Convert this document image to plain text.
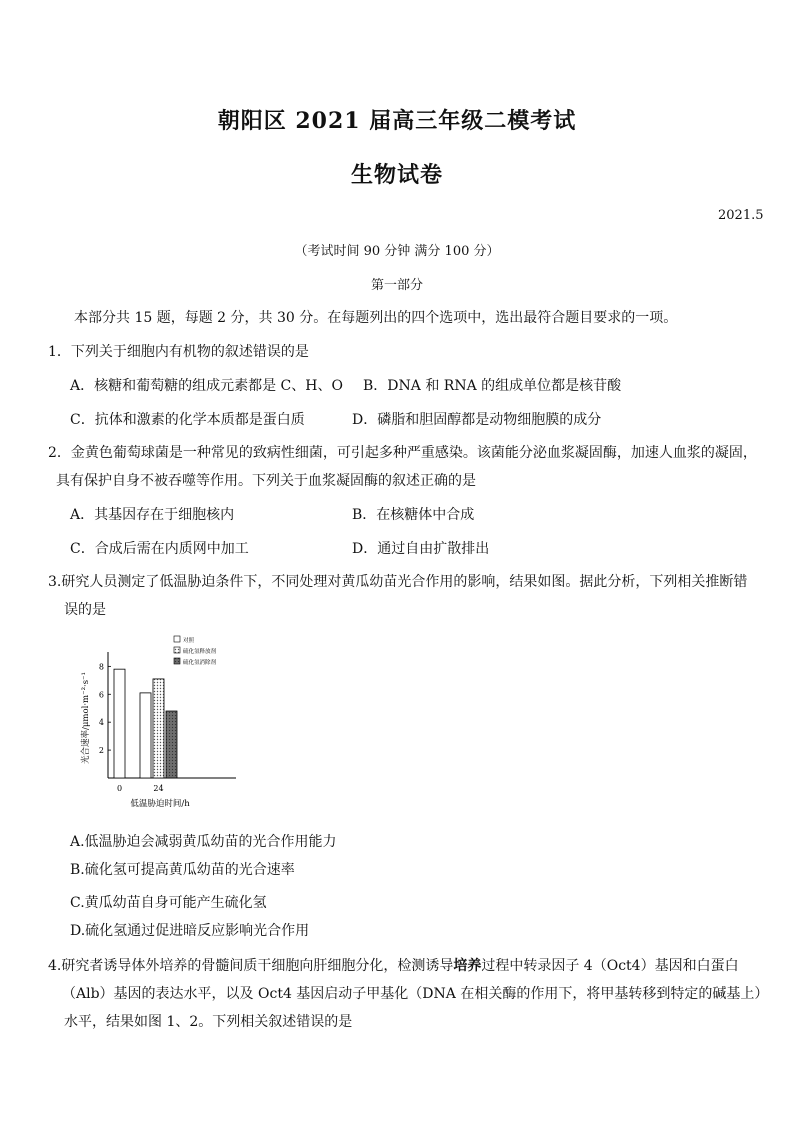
朝阳区 2021 届高三年级二模考试
生物试卷
2021.5
（考试时间 90 分钟 满分 100 分）
第一部分
本部分共 15 题，每题 2 分，共 30 分。在每题列出的四个选项中，选出最符合题目要求的一项。
1．下列关于细胞内有机物的叙述错误的是
A．核糖和葡萄糖的组成元素都是 C、H、O B．DNA 和 RNA 的组成单位都是核苷酸
C．抗体和激素的化学本质都是蛋白质	D．磷脂和胆固醇都是动物细胞膜的成分
2．金黄色葡萄球菌是一种常见的致病性细菌，可引起多种严重感染。该菌能分泌血浆凝固酶，加速人血浆的凝固，
具有保护自身不被吞噬等作用。下列关于血浆凝固酶的叙述正确的是
A．其基因存在于细胞核内	B．在核糖体中合成
C．合成后需在内质网中加工	D．通过自由扩散排出
3.研究人员测定了低温胁迫条件下，不同处理对黄瓜幼苗光合作用的影响，结果如图。据此分析，下列相关推断错
误的是
2
4
6
8
光合速率/μmol·m⁻²·s⁻¹
0	24
低温胁迫时间/h
对照
硫化氢释放剂
硫化氢消除剂
A.低温胁迫会减弱黄瓜幼苗的光合作用能力
B.硫化氢可提高黄瓜幼苗的光合速率
C.黄瓜幼苗自身可能产生硫化氢
D.硫化氢通过促进暗反应影响光合作用
4.研究者诱导体外培养的骨髓间质干细胞向肝细胞分化，检测诱导培养过程中转录因子 4（Oct4）基因和白蛋白
（Alb）基因的表达水平，以及 Oct4 基因启动子甲基化（DNA 在相关酶的作用下，将甲基转移到特定的碱基上）
水平，结果如图 1、2。下列相关叙述错误的是
